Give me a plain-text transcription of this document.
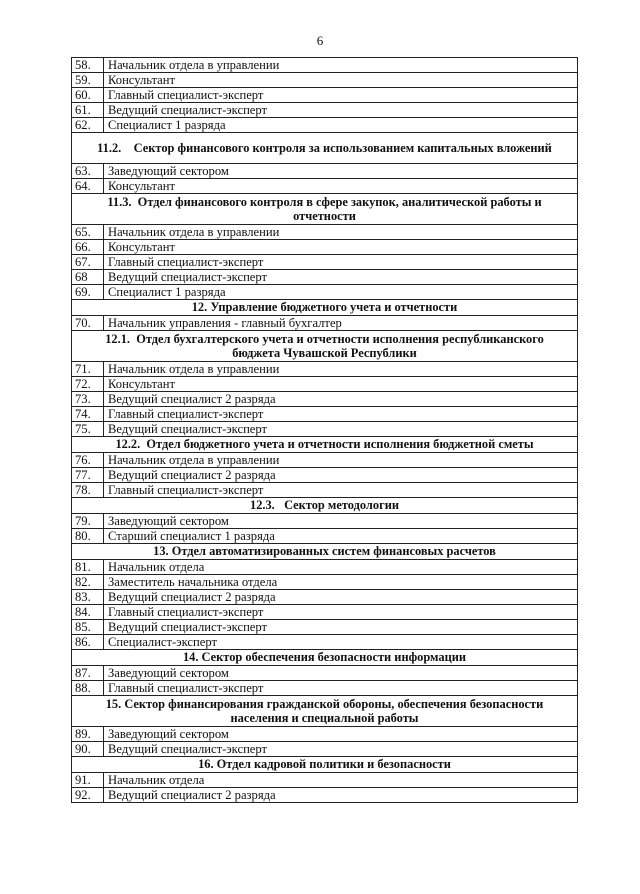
6
58.	Начальник отдела в управлении
59.	Консультант
60.	Главный специалист-эксперт
61.	Ведущий специалист-эксперт
62.	Специалист 1 разряда
11.2.    Сектор финансового контроля за использованием капитальных вложений	
63.	Заведующий сектором
64.	Консультант
11.3.  Отдел финансового контроля в сфере закупок, аналитической работы и отчетности	
65.	Начальник отдела в управлении
66.	Консультант
67.	Главный специалист-эксперт
68	Ведущий специалист-эксперт
69.	Специалист 1 разряда
12. Управление бюджетного учета и отчетности	
70.	Начальник управления - главный бухгалтер
12.1.  Отдел бухгалтерского учета и отчетности исполнения республиканского бюджета Чувашской Республики	
71.	Начальник отдела в управлении
72.	Консультант
73.	Ведущий специалист 2 разряда
74.	Главный специалист-эксперт
75.	Ведущий специалист-эксперт
12.2.  Отдел бюджетного учета и отчетности исполнения бюджетной сметы	
76.	Начальник отдела в управлении
77.	Ведущий специалист 2 разряда
78.	Главный специалист-эксперт
12.3.   Сектор методологии	
79.	Заведующий сектором
80.	Старший специалист 1 разряда
13. Отдел автоматизированных систем финансовых расчетов	
81.	Начальник отдела
82.	Заместитель начальника отдела
83.	Ведущий специалист 2 разряда
84.	Главный специалист-эксперт
85.	Ведущий специалист-эксперт
86.	Специалист-эксперт
14. Сектор обеспечения безопасности информации	
87.	Заведующий сектором
88.	Главный специалист-эксперт
15. Сектор финансирования гражданской обороны, обеспечения безопасности населения и специальной работы	
89.	Заведующий сектором
90.	Ведущий специалист-эксперт
16. Отдел кадровой политики и безопасности	
91.	Начальник отдела
92.	Ведущий специалист 2 разряда
